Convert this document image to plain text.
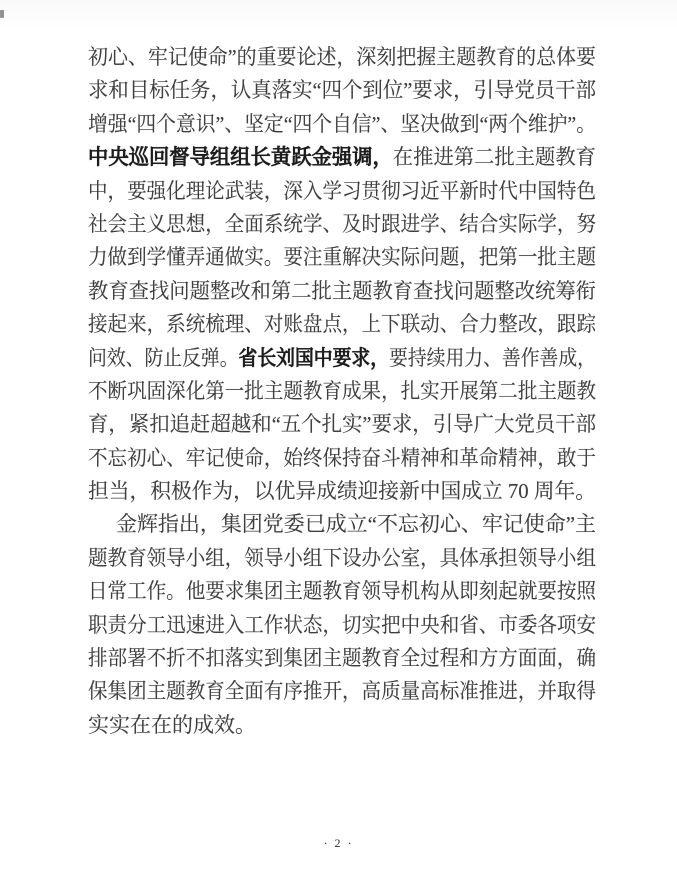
初心、牢记使命”的重要论述，深刻把握主题教育的总体要
求和目标任务，认真落实“四个到位”要求，引导党员干部
增强“四个意识”、坚定“四个自信”、坚决做到“两个维护”。
中央巡回督导组组长黄跃金强调，在推进第二批主题教育
中，要强化理论武装，深入学习贯彻习近平新时代中国特色
社会主义思想，全面系统学、及时跟进学、结合实际学，努
力做到学懂弄通做实。要注重解决实际问题，把第一批主题
教育查找问题整改和第二批主题教育查找问题整改统筹衔
接起来，系统梳理、对账盘点，上下联动、合力整改，跟踪
问效、防止反弹。省长刘国中要求，要持续用力、善作善成，
不断巩固深化第一批主题教育成果，扎实开展第二批主题教
育，紧扣追赶超越和“五个扎实”要求，引导广大党员干部
不忘初心、牢记使命，始终保持奋斗精神和革命精神，敢于
担当，积极作为，以优异成绩迎接新中国成立 70 周年。
金辉指出，集团党委已成立“不忘初心、牢记使命”主
题教育领导小组，领导小组下设办公室，具体承担领导小组
日常工作。他要求集团主题教育领导机构从即刻起就要按照
职责分工迅速进入工作状态，切实把中央和省、市委各项安
排部署不折不扣落实到集团主题教育全过程和方方面面，确
保集团主题教育全面有序推开，高质量高标准推进，并取得
实实在在的成效。
· 2 ·
